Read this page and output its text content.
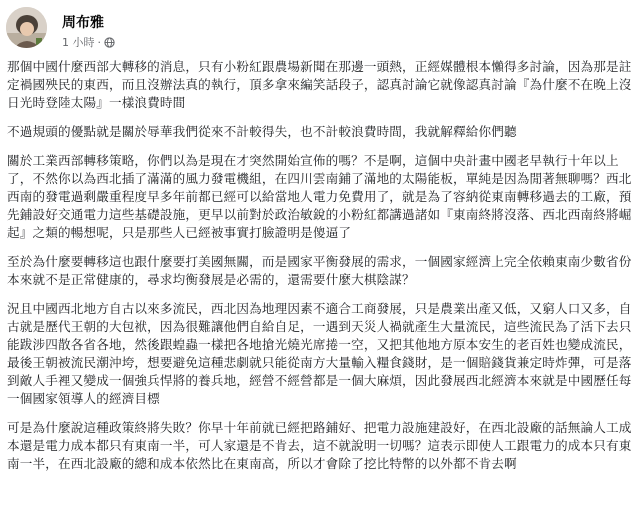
周布雅
1 小時 ·

那個中國什麼西部大轉移的消息，只有小粉紅跟農場新聞在那邊一頭熱，正經媒體根本懶得多討論，因為那是註定禍國殃民的東西，而且沒辦法真的執行，頂多拿來編笑話段子，認真討論它就像認真討論『為什麼不在晚上沒日光時登陸太陽』一樣浪費時間

不過規頭的優點就是關於辱華我們從來不計較得失，也不計較浪費時間，我就解釋給你們聽

關於工業西部轉移策略，你們以為是現在才突然開始宣佈的嗎？不是啊，這個中央計畫中國老早執行十年以上了，不然你以為西北插了滿滿的風力發電機組，在四川雲南鋪了滿地的太陽能板，單純是因為閒著無聊嗎？西北西南的發電過剩嚴重程度早多年前都已經可以給當地人電力免費用了，就是為了容納從東南轉移過去的工廠，預先鋪設好交通電力這些基礎設施，更早以前對於政治敏銳的小粉紅都講過諸如『東南終將沒落、西北西南終將崛起』之類的暢想呢，只是那些人已經被事實打臉證明是傻逼了

至於為什麼要轉移這也跟什麼要打美國無關，而是國家平衡發展的需求，一個國家經濟上完全依賴東南少數省份本來就不是正常健康的，尋求均衡發展是必需的，還需要什麼大棋陰謀？

況且中國西北地方自古以來多流民，西北因為地理因素不適合工商發展，只是農業出產又低，又窮人口又多，自古就是歷代王朝的大包袱，因為很難讓他們自給自足，一遇到天災人禍就產生大量流民，這些流民為了活下去只能跋涉四散各省各地，然後跟蝗蟲一樣把各地搶光燒光席捲一空，又把其他地方原本安生的老百姓也變成流民，最後王朝被流民潮沖垮，想要避免這種悲劇就只能從南方大量輸入糧食錢財，是一個賠錢貨兼定時炸彈，可是落到敵人手裡又變成一個強兵悍將的養兵地，經營不經營都是一個大麻煩，因此發展西北經濟本來就是中國歷任每一個國家領導人的經濟目標

可是為什麼說這種政策終將失敗？你早十年前就已經把路鋪好、把電力設施建設好，在西北設廠的話無論人工成本還是電力成本都只有東南一半，可人家還是不肯去，這不就說明一切嗎？這表示即使人工跟電力的成本只有東南一半，在西北設廠的總和成本依然比在東南高，所以才會除了挖比特幣的以外都不肯去啊
